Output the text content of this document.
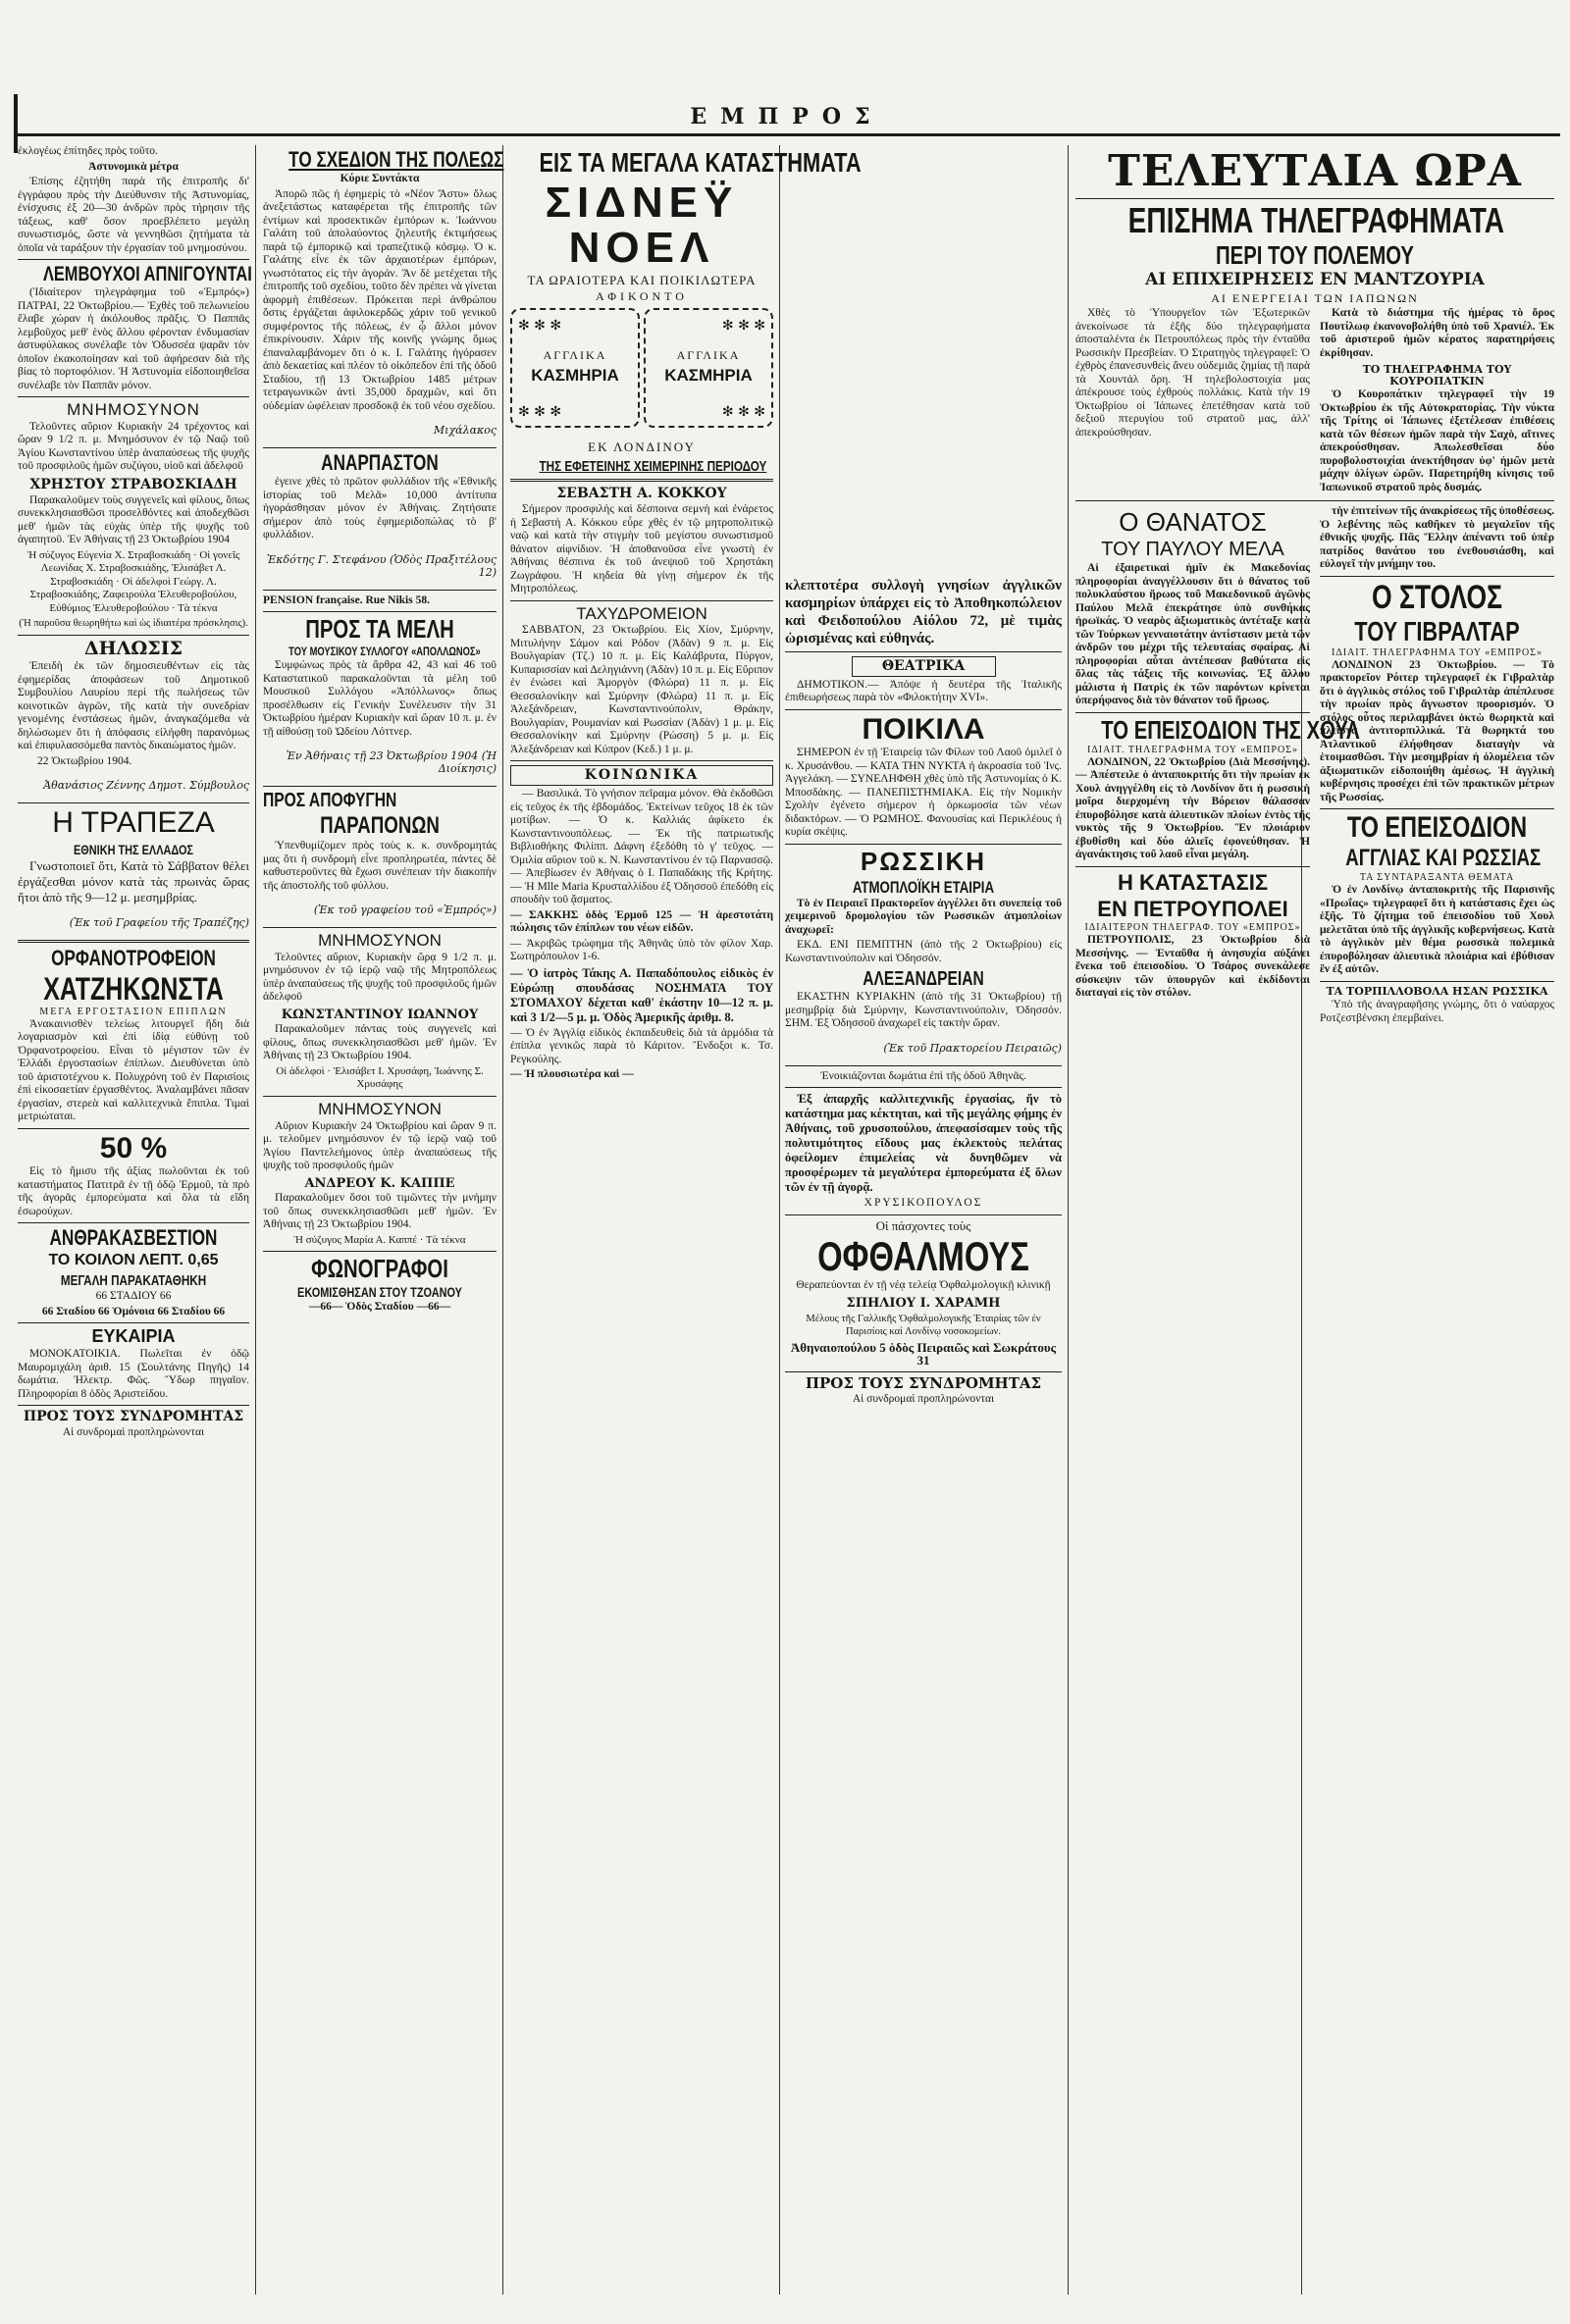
ΕΜΠΡΟΣ

ἐκλογέως ἐπίτηδες πρὸς τοῦτο.

Ἀστυνομικὰ μέτρα

Ἐπίσης ἐζητήθη παρὰ τῆς ἐπιτροπῆς δι' ἐγγράφου πρὸς τὴν Διεύθυνσιν τῆς Ἀστυνομίας, ἐνίσχυσις ἐξ 20—30 ἀνδρῶν πρὸς τήρησιν τῆς τάξεως, καθ' ὅσον προεβλέπετο μεγάλη συνωστισμός, ὥστε νὰ γεννηθῶσι ζητήματα τὰ ὁποῖα νὰ ταράξουν τὴν ἐργασίαν τοῦ μνημοσύνου.

ΛΕΜΒΟΥΧΟΙ ΑΠΝΙΓΟΥΝΤΑΙ

(Ἰδιαίτερον τηλεγράφημα τοῦ «Ἐμπρός») ΠΑΤΡΑΙ, 22 Ὀκτωβρίου.— Ἐχθὲς τοῦ πελωνιείου ἔλαβε χώραν ἡ ἀκόλουθος πρᾶξις. Ὁ Παππᾶς λεμβοῦχος μεθ' ἑνὸς ἄλλου φέρονταν ἐνδυμασίαν ἀστυφύλακος συνέλαβε τὸν Ὀδυσσέα ψαρᾶν τὸν ὁποῖον ἐκακοποίησαν καὶ τοῦ ἀφήρεσαν διὰ τῆς βίας τὸ πορτοφόλιον. Ἡ Ἀστυνομία εἰδοποιηθεῖσα συνέλαβε τὸν Παππᾶν μόνον.

ΜΝΗΜΟΣΥΝΟΝ

Τελοῦντες αὔριον Κυριακὴν 24 τρέχοντος καὶ ὥραν 9 1/2 π. μ. Μνημόσυνον ἐν τῷ Ναῷ τοῦ Ἁγίου Κωνσταντίνου ὑπὲρ ἀναπαύσεως τῆς ψυχῆς τοῦ προσφιλοῦς ἡμῶν συζύγου, υἱοῦ καὶ ἀδελφοῦ

ΧΡΗΣΤΟΥ ΣΤΡΑΒΟΣΚΙΑΔΗ

Παρακαλοῦμεν τοὺς συγγενεῖς καὶ φίλους, ὅπως συνεκκλησιασθῶσι προσελθόντες καὶ ἀποδεχθῶσι μεθ' ἡμῶν τὰς εὐχὰς ὑπὲρ τῆς ψυχῆς τοῦ ἀγαπητοῦ. Ἐν Ἀθήναις τῇ 23 Ὀκτωβρίου 1904

Ἡ σύζυγος Εὐγενία Χ. Στραβοσκιάδη · Οἱ γονεῖς Λεωνίδας Χ. Στραβοσκιάδης, Ἑλισάβετ Λ. Στραβοσκιάδη · Οἱ ἀδελφοὶ Γεώργ. Λ. Στραβοσκιάδης, Ζαφειρούλα Ἐλευθεροβούλου, Εὐθύμιος Ἐλευθεροβούλου · Τὰ τέκνα

(Ἡ παροῦσα θεωρηθήτω καὶ ὡς ἰδιαιτέρα πρόσκλησις).

ΔΗΛΩΣΙΣ

Ἐπειδὴ ἐκ τῶν δημοσιευθέντων εἰς τὰς ἐφημερίδας ἀποφάσεων τοῦ Δημοτικοῦ Συμβουλίου Λαυρίου περὶ τῆς πωλήσεως τῶν κοινοτικῶν ἀγρῶν, τῆς κατὰ τὴν συνεδρίαν γενομένης ἐνστάσεως ἡμῶν, ἀναγκαζόμεθα νὰ δηλώσωμεν ὅτι ἡ ἀπόφασις εἰλήφθη παρανόμως καὶ ἐπιφυλασσόμεθα παντὸς δικαιώματος ἡμῶν.

22 Ὀκτωβρίου 1904.

Ἀθανάσιος Ζέννης Δημοτ. Σύμβουλος

Η ΤΡΑΠΕΖΑ
ΕΘΝΙΚΗ ΤΗΣ ΕΛΛΑΔΟΣ

Γνωστοποιεῖ ὅτι, Κατὰ τὸ Σάββατον θέλει ἐργάζεσθαι μόνον κατὰ τὰς πρωινὰς ὥρας ἤτοι ἀπὸ τῆς 9—12 μ. μεσημβρίας.

(Ἐκ τοῦ Γραφείου τῆς Τραπέζης)

ΟΡΦΑΝΟΤΡΟΦΕΙΟΝ
ΧΑΤΖΗΚΩΝΣΤΑ
ΜΕΓΑ ΕΡΓΟΣΤΑΣΙΟΝ ΕΠΙΠΛΩΝ

Ἀνακαινισθὲν τελείως λιτουργεῖ ἤδη διὰ λογαριασμὸν καὶ ἐπὶ ἰδίᾳ εὐθύνῃ τοῦ Ὀρφανοτροφείου. Εἶναι τὸ μέγιστον τῶν ἐν Ἑλλάδι ἐργοστασίων ἐπίπλων. Διευθύνεται ὑπὸ τοῦ ἀριστοτέχνου κ. Πολυχρόνη τοῦ ἐν Παρισίοις ἐπὶ εἰκοσαετίαν ἐργασθέντος. Ἀναλαμβάνει πᾶσαν ἐργασίαν, στερεὰ καὶ καλλιτεχνικὰ ἔπιπλα. Τιμαὶ μετριώταται.

50 %

Εἰς τὸ ἥμισυ τῆς ἀξίας πωλοῦνται ἐκ τοῦ καταστήματος Πατιτρᾶ ἐν τῇ ὁδῷ Ἑρμοῦ, τὰ πρὸ τῆς ἀγορᾶς ἐμπορεύματα καὶ ὅλα τὰ εἴδη ἐσωρούχων.

ΑΝΘΡΑΚΑΣΒΕΣΤΙΟΝ
ΤΟ ΚΟΙΛΟΝ ΛΕΠΤ. 0,65
ΜΕΓΑΛΗ ΠΑΡΑΚΑΤΑΘΗΚΗ

66 ΣΤΑΔΙΟΥ 66

66 Σταδίου 66 Ὁμόνοια 66 Σταδίου 66

ΕΥΚΑΙΡΙΑ

ΜΟΝΟΚΑΤΟΙΚΙΑ. Πωλεῖται ἐν ὁδῷ Μαυρομιχάλη ἀριθ. 15 (Σουλτάνης Πηγῆς) 14 δωμάτια. Ἠλεκτρ. Φῶς. Ὕδωρ πηγαῖον. Πληροφορίαι 8 ὁδὸς Ἀριστείδου.

ΠΡΟΣ ΤΟΥΣ ΣΥΝΔΡΟΜΗΤΑΣ

Αἱ συνδρομαὶ προπληρώνονται

ΤΟ ΣΧΕΔΙΟΝ ΤΗΣ ΠΟΛΕΩΣ

Κύριε Συντάκτα

Ἀπορῶ πῶς ἡ ἐφημερὶς τὸ «Νέον Ἄστυ» ὅλως ἀνεξετάστως καταφέρεται τῆς ἐπιτροπῆς τῶν ἐντίμων καὶ προσεκτικῶν ἐμπόρων κ. Ἰωάννου Γαλάτη τοῦ ἀπολαύοντος ζηλευτῆς ἐκτιμήσεως παρὰ τῷ ἐμπορικῷ καὶ τραπεζιτικῷ κόσμῳ. Ὁ κ. Γαλάτης εἶνε ἐκ τῶν ἀρχαιοτέρων ἐμπόρων, γνωστότατος εἰς τὴν ἀγοράν. Ἂν δὲ μετέχεται τῆς ἐπιτροπῆς τοῦ σχεδίου, τοῦτο δὲν πρέπει νὰ γίνεται ἀφορμὴ ἐπιθέσεων. Πρόκειται περὶ ἀνθρώπου ὅστις ἐργάζεται ἀφιλοκερδῶς χάριν τοῦ γενικοῦ συμφέροντος τῆς πόλεως, ἐν ᾧ ἄλλοι μόνον ἐπικρίνουσιν. Χάριν τῆς κοινῆς γνώμης ὅμως ἐπαναλαμβάνομεν ὅτι ὁ κ. Ι. Γαλάτης ἠγόρασεν ἀπὸ δεκαετίας καὶ πλέον τὸ οἰκόπεδον ἐπὶ τῆς ὁδοῦ Σταδίου, τῇ 13 Ὀκτωβρίου 1485 μέτρων τετραγωνικῶν ἀντὶ 35,000 δραχμῶν, καὶ ὅτι οὐδεμίαν ὠφέλειαν προσδοκᾷ ἐκ τοῦ νέου σχεδίου.

Μιχάλακος

ΑΝΑΡΠΑΣΤΟΝ

ἐγεινε χθὲς τὸ πρῶτον φυλλάδιον τῆς «Ἐθνικῆς ἱστορίας τοῦ Μελᾶ» 10,000 ἀντίτυπα ἠγοράσθησαν μόνον ἐν Ἀθήναις. Ζητήσατε σήμερον ἀπὸ τοὺς ἐφημεριδοπώλας τὸ β' φυλλάδιον.

Ἐκδότης Γ. Στεφάνου (Ὁδὸς Πραξιτέλους 12)

PENSION française. Rue Nikis 58.

ΠΡΟΣ ΤΑ ΜΕΛΗ
ΤΟΥ ΜΟΥΣΙΚΟΥ ΣΥΛΛΟΓΟΥ «ΑΠΟΛΛΩΝΟΣ»

Συμφώνως πρὸς τὰ ἄρθρα 42, 43 καὶ 46 τοῦ Καταστατικοῦ παρακαλοῦνται τὰ μέλη τοῦ Μουσικοῦ Συλλόγου «Ἀπόλλωνος» ὅπως προσέλθωσιν εἰς Γενικὴν Συνέλευσιν τὴν 31 Ὀκτωβρίου ἡμέραν Κυριακὴν καὶ ὥραν 10 π. μ. ἐν τῇ αἰθούσῃ τοῦ Ὠδείου Λόττνερ.

Ἐν Ἀθήναις τῇ 23 Ὀκτωβρίου 1904 (Ἡ Διοίκησις)

ΠΡΟΣ ΑΠΟΦΥΓΗΝ
ΠΑΡΑΠΟΝΩΝ

Ὑπενθυμίζομεν πρὸς τοὺς κ. κ. συνδρομητάς μας ὅτι ἡ συνδρομὴ εἶνε προπληρωτέα, πάντες δὲ καθυστεροῦντες θὰ ἔχωσι συνέπειαν τὴν διακοπὴν τῆς ἀποστολῆς τοῦ φύλλου.

(Ἐκ τοῦ γραφείου τοῦ «Ἐμπρός»)

ΜΝΗΜΟΣΥΝΟΝ

Τελοῦντες αὔριον, Κυριακὴν ὥρᾳ 9 1/2 π. μ. μνημόσυνον ἐν τῷ ἱερῷ ναῷ τῆς Μητροπόλεως ὑπὲρ ἀναπαύσεως τῆς ψυχῆς τοῦ προσφιλοῦς ἡμῶν ἀδελφοῦ

ΚΩΝΣΤΑΝΤΙΝΟΥ ΙΩΑΝΝΟΥ

Παρακαλοῦμεν πάντας τοὺς συγγενεῖς καὶ φίλους, ὅπως συνεκκλησιασθῶσι μεθ' ἡμῶν. Ἐν Ἀθήναις τῇ 23 Ὀκτωβρίου 1904.

Οἱ ἀδελφοὶ · Ἑλισάβετ Ι. Χρυσάφη, Ἰωάννης Σ. Χρυσάφης

ΜΝΗΜΟΣΥΝΟΝ

Αὔριον Κυριακὴν 24 Ὀκτωβρίου καὶ ὥραν 9 π. μ. τελοῦμεν μνημόσυνον ἐν τῷ ἱερῷ ναῷ τοῦ Ἁγίου Παντελεήμονος ὑπὲρ ἀναπαύσεως τῆς ψυχῆς τοῦ προσφιλοῦς ἡμῶν

ΑΝΔΡΕΟΥ Κ. ΚΑΠΠΕ

Παρακαλοῦμεν ὅσοι τοῦ τιμῶντες τὴν μνήμην τοῦ ὅπως συνεκκλησιασθῶσι μεθ' ἡμῶν. Ἐν Ἀθήναις τῇ 23 Ὀκτωβρίου 1904.

Ἡ σύζυγος Μαρία Α. Καππέ · Τὰ τέκνα

ΦΩΝΟΓΡΑΦΟΙ
ΕΚΟΜΙΣΘΗΣΑΝ ΣΤΟΥ ΤΖΟΑΝΟΥ

—66— Ὁδὸς Σταδίου —66—

ΕΙΣ ΤΑ ΜΕΓΑΛΑ ΚΑΤΑΣΤΗΜΑΤΑ
ΣΙΔΝΕΫ ΝΟΕΛ
ΤΑ ΩΡΑΙΟΤΕΡΑ ΚΑΙ ΠΟΙΚΙΛΩΤΕΡΑ
ΑΦΙΚΟΝΤΟ
✻ ✻ ✻
ΑΓΓΛΙΚΑ
ΚΑΣΜΗΡΙΑ
✻ ✻ ✻
✻ ✻ ✻
ΑΓΓΛΙΚΑ
ΚΑΣΜΗΡΙΑ
✻ ✻ ✻
ΕΚ ΛΟΝΔΙΝΟΥ
ΤΗΣ ΕΦΕΤΕΙΝΗΣ ΧΕΙΜΕΡΙΝΗΣ ΠΕΡΙΟΔΟΥ
ΣΕΒΑΣΤΗ Α. ΚΟΚΚΟΥ

Σήμερον προσφιλὴς καὶ δέσποινα σεμνὴ καὶ ἐνάρετος ἡ Σεβαστὴ Α. Κόκκου εὗρε χθὲς ἐν τῷ μητροπολιτικῷ ναῷ καὶ κατὰ τὴν στιγμὴν τοῦ μεγίστου συνωστισμοῦ θάνατον αἰφνίδιον. Ἡ ἀποθανοῦσα εἶνε γνωστὴ ἐν Ἀθήναις θέσπινα ἐκ τοῦ ἀνεψιοῦ τοῦ Χρηστάκη Ζωγράφου. Ἡ κηδεία θὰ γίνῃ σήμερον ἐκ τῆς Μητροπόλεως.

ΤΑΧΥΔΡΟΜΕΙΟΝ

ΣΑΒΒΑΤΟΝ, 23 Ὀκτωβρίου. Εἰς Χίον, Σμύρνην, Μιτυλήνην Σάμον καὶ Ρόδον (Ἀδὰν) 9 π. μ. Εἰς Βουλγαρίαν (Τζ.) 10 π. μ. Εἰς Καλάβρυτα, Πύργον, Κυπαρισσίαν καὶ Δεληγιάννη (Ἀδὰν) 10 π. μ. Εἰς Εὔριπον ἐν ἑνώσει καὶ Ἀμοργὸν (Φλώρα) 11 π. μ. Εἰς Θεσσαλονίκην καὶ Σμύρνην (Φλώρα) 11 π. μ. Εἰς Ἀλεξάνδρειαν, Κωνσταντινούπολιν, Θράκην, Βουλγαρίαν, Ρουμανίαν καὶ Ρωσσίαν (Ἀδὰν) 1 μ. μ. Εἰς Θεσσαλονίκην καὶ Σμύρνην (Ρώσση) 5 μ. μ. Εἰς Ἀλεξάνδρειαν καὶ Κύπρον (Κεδ.) 1 μ. μ.

ΚΟΙΝΩΝΙΚΑ

— Βασιλικά. Τὸ γνήσιον πεῖραμα μόνον. Θὰ ἐκδοθῶσι εἰς τεῦχος ἐκ τῆς ἑβδομάδος. Ἐκτείνων τεῦχος 18 ἐκ τῶν μοτίβων. — Ὁ κ. Καλλιάς ἀφίκετο ἐκ Κωνσταντινουπόλεως. — Ἐκ τῆς πατριωτικῆς Βιβλιοθήκης Φιλίππ. Δάφνη ἐξεδόθη τὸ γ' τεῦχος. — Ὁμιλία αὔριον τοῦ κ. Ν. Κωνσταντίνου ἐν τῷ Παρνασσῷ. — Ἀπεβίωσεν ἐν Ἀθήναις ὁ Ι. Παπαδάκης τῆς Κρήτης. — Ἡ Mlle Maria Κρυσταλλίδου ἐξ Ὀδησσοῦ ἐπεδόθη εἰς σπουδὴν τοῦ ᾄσματος.

— ΣΑΚΚΗΣ ὁδὸς Ἑρμοῦ 125 — Ἡ ἀρεστοτάτη πώλησις τῶν ἐπίπλων του νέων εἰδῶν.

— Ἀκριβῶς τρώφημα τῆς Ἀθηνᾶς ὑπὸ τὸν φίλον Χαρ. Σωτηρόπουλον 1-6.

— Ὁ ἰατρὸς Τάκης Α. Παπαδόπουλος εἰδικὸς ἐν Εὐρώπῃ σπουδάσας ΝΟΣΗΜΑΤΑ ΤΟΥ ΣΤΟΜΑΧΟΥ δέχεται καθ' ἑκάστην 10—12 π. μ. καὶ 3 1/2—5 μ. μ. Ὁδὸς Ἀμερικῆς ἀριθμ. 8.

— Ὁ ἐν Ἀγγλίᾳ εἰδικὸς ἐκπαιδευθεὶς διὰ τὰ ἀρμόδια τὰ ἐπίπλα γενικῶς παρὰ τὸ Κάριτον. Ἔνδοξοι κ. Τσ. Ρεγκούλης.

— Ἡ πλουσιωτέρα καὶ —

κλεπτοτέρα συλλογὴ γνησίων ἀγγλικῶν κασμηρίων ὑπάρχει εἰς τὸ Ἀποθηκοπώλειον καὶ Φειδοπούλου Αἰόλου 72, μὲ τιμὰς ὡρισμένας καὶ εὐθηνάς.

ΘΕΑΤΡΙΚΑ

ΔΗΜΟΤΙΚΟΝ.— Ἀπόψε ἡ δευτέρα τῆς Ἰταλικῆς ἐπιθεωρήσεως παρὰ τὸν «Φιλοκτήτην ΧVI».

ΠΟΙΚΙΛΑ

ΣΗΜΕΡΟΝ ἐν τῇ Ἑταιρείᾳ τῶν Φίλων τοῦ Λαοῦ ὁμιλεῖ ὁ κ. Χρυσάνθου. — ΚΑΤΑ ΤΗΝ ΝΥΚΤΑ ἡ ἀκροασία τοῦ Ἰνς. Ἀγγελάκη. — ΣΥΝΕΛΗΦΘΗ χθὲς ὑπὸ τῆς Ἀστυνομίας ὁ Κ. Μποσδάκης. — ΠΑΝΕΠΙΣΤΗΜΙΑΚΑ. Εἰς τὴν Νομικὴν Σχολὴν ἐγένετο σήμερον ἡ ὁρκωμοσία τῶν νέων διδακτόρων. — Ὁ ΡΩΜΗΟΣ. Φανουσίας καὶ Περικλέους ἡ κυρία σκέψις.

ΡΩΣΣΙΚΗ
ΑΤΜΟΠΛΟΪΚΗ ΕΤΑΙΡΙΑ

Τὸ ἐν Πειραιεῖ Πρακτορεῖον ἀγγέλλει ὅτι συνεπείᾳ τοῦ χειμερινοῦ δρομολογίου τῶν Ρωσσικῶν ἀτμοπλοίων ἀναχωρεῖ:

ΕΚΔ. ΕΝΙ ΠΕΜΠΤΗΝ (ἀπὸ τῆς 2 Ὀκτωβρίου) εἰς Κωνσταντινούπολιν καὶ Ὀδησσόν.

ΑΛΕΞΑΝΔΡΕΙΑΝ

ΕΚΑΣΤΗΝ ΚΥΡΙΑΚΗΝ (ἀπὸ τῆς 31 Ὀκτωβρίου) τῇ μεσημβρίᾳ διὰ Σμύρνην, Κωνσταντινούπολιν, Ὀδησσόν. ΣΗΜ. Ἐξ Ὀδησσοῦ ἀναχωρεῖ εἰς τακτὴν ὥραν.

(Ἐκ τοῦ Πρακτορείου Πειραιῶς)

Ἐνοικιάζονται δωμάτια ἐπὶ τῆς ὁδοῦ Ἀθηνᾶς.

Ἐξ ἀπαρχῆς καλλιτεχνικῆς ἐργασίας, ἥν τὸ κατάστημα μας κέκτηται, καὶ τῆς μεγάλης φήμης ἐν Ἀθήναις, τοῦ χρυσοπούλου, ἀπεφασίσαμεν τοὺς τῆς πολυτιμότητος εἴδους μας ἐκλεκτοὺς πελάτας ὀφείλομεν ἐπιμελείας νὰ δυνηθῶμεν νὰ προσφέρωμεν τὰ μεγαλύτερα ἐμπορεύματα ἐξ ὅλων τῶν ἐν τῇ ἀγορᾷ.

ΧΡΥΣΙΚΟΠΟΥΛΟΣ

Οἱ πάσχοντες τοὺς

ΟΦΘΑΛΜΟΥΣ

Θεραπεύονται ἐν τῇ νέᾳ τελείᾳ Ὀφθαλμολογικῇ κλινικῇ

ΣΠΗΛΙΟΥ Ι. ΧΑΡΑΜΗ

Μέλους τῆς Γαλλικῆς Ὀφθαλμολογικῆς Ἑταιρίας τῶν ἐν Παρισίοις καὶ Λονδίνῳ νοσοκομείων.

Ἀθηναιοπούλου 5 ὁδὸς Πειραιῶς καὶ Σωκράτους 31

ΠΡΟΣ ΤΟΥΣ ΣΥΝΔΡΟΜΗΤΑΣ

Αἱ συνδρομαὶ προπληρώνονται

ΤΕΛΕΥΤΑΙΑ ΩΡΑ
ΕΠΙΣΗΜΑ ΤΗΛΕΓΡΑΦΗΜΑΤΑ
ΠΕΡΙ ΤΟΥ ΠΟΛΕΜΟΥ
ΑΙ ΕΠΙΧΕΙΡΗΣΕΙΣ ΕΝ ΜΑΝΤΖΟΥΡΙΑ
ΑΙ ΕΝΕΡΓΕΙΑΙ ΤΩΝ ΙΑΠΩΝΩΝ

Χθὲς τὸ Ὑπουργεῖον τῶν Ἐξωτερικῶν ἀνεκοίνωσε τὰ ἑξῆς δύο τηλεγραφήματα ἀποσταλέντα ἐκ Πετρουπόλεως πρὸς τὴν ἐνταῦθα Ρωσσικὴν Πρεσβείαν. Ὁ Στρατηγὸς τηλεγραφεῖ: Ὁ ἐχθρὸς ἐπανεσυνθεὶς ἄνευ οὐδεμιᾶς ζημίας τῇ παρὰ τὰ Χουντάλ ὄρη. Ἡ τηλεβολοστοιχία μας ἀπέκρουσε τοὺς ἐχθροὺς πολλάκις. Κατὰ τὴν 19 Ὀκτωβρίου οἱ Ἰάπωνες ἐπετέθησαν κατὰ τοῦ δεξιοῦ πτερυγίου τοῦ στρατοῦ μας, ἀλλ' ἀπεκρούσθησαν.

Κατὰ τὸ διάστημα τῆς ἡμέρας τὸ ὄρος Πουτίλωφ ἐκανονοβολήθη ὑπὸ τοῦ Χρανιέλ. Ἐκ τοῦ ἀριστεροῦ ἡμῶν κέρατος παρατηρήσεις ἐκρίθησαν.

ΤΟ ΤΗΛΕΓΡΑΦΗΜΑ ΤΟΥ ΚΟΥΡΟΠΑΤΚΙΝ

Ὁ Κουροπάτκιν τηλεγραφεῖ τὴν 19 Ὀκτωβρίου ἐκ τῆς Αὐτοκρατορίας. Τὴν νύκτα τῆς Τρίτης οἱ Ἰάπωνες ἐξετέλεσαν ἐπιθέσεις κατὰ τῶν θέσεων ἡμῶν παρὰ τὴν Σαχὸ, αἵτινες ἀπεκρούσθησαν. Ἀπωλεσθεῖσαι δύο πυροβολοστοιχίαι ἀνεκτήθησαν ὑφ' ἡμῶν μετὰ μάχην ὀλίγων ὡρῶν. Παρετηρήθη κίνησις τοῦ Ἰαπωνικοῦ στρατοῦ πρὸς δυσμάς.

Ο ΘΑΝΑΤΟΣ
ΤΟΥ ΠΑΥΛΟΥ ΜΕΛΑ

Αἱ ἐξαιρετικαὶ ἡμῖν ἐκ Μακεδονίας πληροφορίαι ἀναγγέλλουσιν ὅτι ὁ θάνατος τοῦ πολυκλαύστου ἥρωος τοῦ Μακεδονικοῦ ἀγῶνος Παύλου Μελᾶ ἐπεκράτησε ὑπὸ συνθήκας ἡρωϊκάς. Ὁ νεαρὸς ἀξιωματικὸς ἀντέταξε κατὰ τῶν Τούρκων γενναιοτάτην ἀντίστασιν μετὰ τῶν ἀνδρῶν του μέχρι τῆς τελευταίας σφαίρας. Αἱ πληροφορίαι αὗται ἀντέπεσαν βαθύτατα εἰς ὅλας τὰς τάξεις τῆς κοινωνίας. Ἐξ ἄλλου μάλιστα ἡ Πατρὶς ἐκ τῶν παρόντων κρίνεται ὑπερήφανος διὰ τὸν θάνατον τοῦ ἥρωος.

ΤΟ ΕΠΕΙΣΟΔΙΟΝ ΤΗΣ ΧΟΥΛ
ΙΔΙΑΙΤ. ΤΗΛΕΓΡΑΦΗΜΑ ΤΟΥ «ΕΜΠΡΟΣ»

ΛΟΝΔΙΝΟΝ, 22 Ὀκτωβρίου (Διὰ Μεσσήνης). — Ἀπέστειλε ὁ ἀνταποκριτής ὅτι τὴν πρωίαν ἐκ Χουλ ἀνηγγέλθη εἰς τὸ Λονδίνον ὅτι ἡ ρωσσικὴ μοῖρα διερχομένη τὴν Βόρειον θάλασσαν ἐπυροβόλησε κατὰ ἁλιευτικῶν πλοίων ἐντὸς τῆς νυκτὸς τῆς 9 Ὀκτωβρίου. Ἓν πλοιάριον ἐβυθίσθη καὶ δύο ἁλιεῖς ἐφονεύθησαν. Ἡ ἀγανάκτησις τοῦ λαοῦ εἶναι μεγάλη.

Η ΚΑΤΑΣΤΑΣΙΣ
ΕΝ ΠΕΤΡΟΥΠΟΛΕΙ
ΙΔΙΑΙΤΕΡΟΝ ΤΗΛΕΓΡΑΦ. ΤΟΥ «ΕΜΠΡΟΣ»

ΠΕΤΡΟΥΠΟΛΙΣ, 23 Ὀκτωβρίου διὰ Μεσσήνης. — Ἐνταῦθα ἡ ἀνησυχία αὐξάνει ἕνεκα τοῦ ἐπεισοδίου. Ὁ Τσάρος συνεκάλεσε σύσκεψιν τῶν ὑπουργῶν καὶ ἐκδίδονται διαταγαὶ εἰς τὸν στόλον.

τὴν ἐπιτείνων τῆς ἀνακρίσεως τῆς ὑποθέσεως. Ὁ λεβέντης πῶς καθῆκεν τὸ μεγαλεῖον τῆς ἐθνικῆς ψυχῆς. Πᾶς Ἕλλην ἀπέναντι τοῦ ὑπὲρ πατρίδος θανάτου του ἐνεθουσιάσθη, καὶ εὐλογεῖ τὴν μνήμην του.

Ο ΣΤΟΛΟΣ
ΤΟΥ ΓΙΒΡΑΛΤΑΡ
ΙΔΙΑΙΤ. ΤΗΛΕΓΡΑΦΗΜΑ ΤΟΥ «ΕΜΠΡΟΣ»

ΛΟΝΔΙΝΟΝ 23 Ὀκτωβρίου. — Τὸ πρακτορεῖον Ρόιτερ τηλεγραφεῖ ἐκ Γιβραλτὰρ ὅτι ὁ ἀγγλικὸς στόλος τοῦ Γιβραλτὰρ ἀπέπλευσε τὴν πρωίαν πρὸς ἄγνωστον προορισμόν. Ὁ στόλος οὗτος περιλαμβάνει ὀκτὼ θωρηκτὰ καὶ πλεῖστα ἀντιτορπιλλικά. Τὰ θωρηκτά του Ἀτλαντικοῦ ἐλήφθησαν διαταγὴν νὰ ἑτοιμασθῶσι. Τὴν μεσημβρίαν ἡ ὁλομέλεια τῶν ἀξιωματικῶν εἰδοποιήθη ἀμέσως. Ἡ ἀγγλικὴ κυβέρνησις προσέχει ἐπὶ τῶν πρακτικῶν μέτρων τῆς Ρωσσίας.

ΤΟ ΕΠΕΙΣΟΔΙΟΝ
ΑΓΓΛΙΑΣ ΚΑΙ ΡΩΣΣΙΑΣ
ΤΑ ΣΥΝΤΑΡΑΞΑΝΤΑ ΘΕΜΑΤΑ

Ὁ ἐν Λονδίνῳ ἀνταποκριτὴς τῆς Παρισινῆς «Πρωΐας» τηλεγραφεῖ ὅτι ἡ κατάστασις ἔχει ὡς ἑξῆς. Τὸ ζήτημα τοῦ ἐπεισοδίου τοῦ Χουλ μελετᾶται ὑπὸ τῆς ἀγγλικῆς κυβερνήσεως. Κατὰ τὸ ἀγγλικὸν μὲν θέμα ρωσσικὰ πολεμικὰ ἐπυροβόλησαν ἀλιευτικὰ πλοιάρια καὶ ἐβύθισαν ἓν ἐξ αὐτῶν.

ΤΑ ΤΟΡΠΙΛΛΟΒΟΛΑ ΗΣΑΝ ΡΩΣΣΙΚΑ

Ὑπὸ τῆς ἀναγραφῆσης γνώμης, ὅτι ὁ ναύαρχος Ροτζεστβένσκη ἐπεμβαίνει.
